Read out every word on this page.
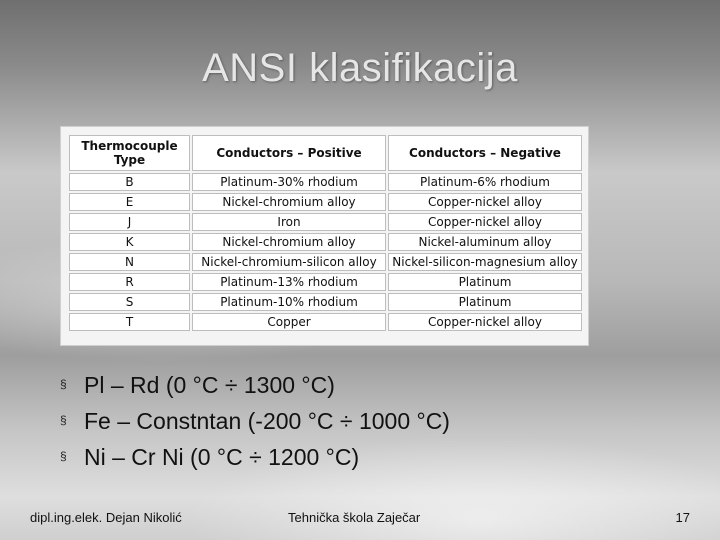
ANSI klasifikacija
Thermocouple Type	Conductors – Positive	Conductors – Negative
B	Platinum-30% rhodium	Platinum-6% rhodium
E	Nickel-chromium alloy	Copper-nickel alloy
J	Iron	Copper-nickel alloy
K	Nickel-chromium alloy	Nickel-aluminum alloy
N	Nickel-chromium-silicon alloy	Nickel-silicon-magnesium alloy
R	Platinum-13% rhodium	Platinum
S	Platinum-10% rhodium	Platinum
T	Copper	Copper-nickel alloy
§ Pl – Rd (0 °C ÷ 1300 °C)
§ Fe – Constntan (-200 °C ÷ 1000 °C)
§ Ni – Cr Ni (0 °C ÷ 1200 °C)
dipl.ing.elek. Dejan Nikolić	Tehnička škola Zaječar	17
